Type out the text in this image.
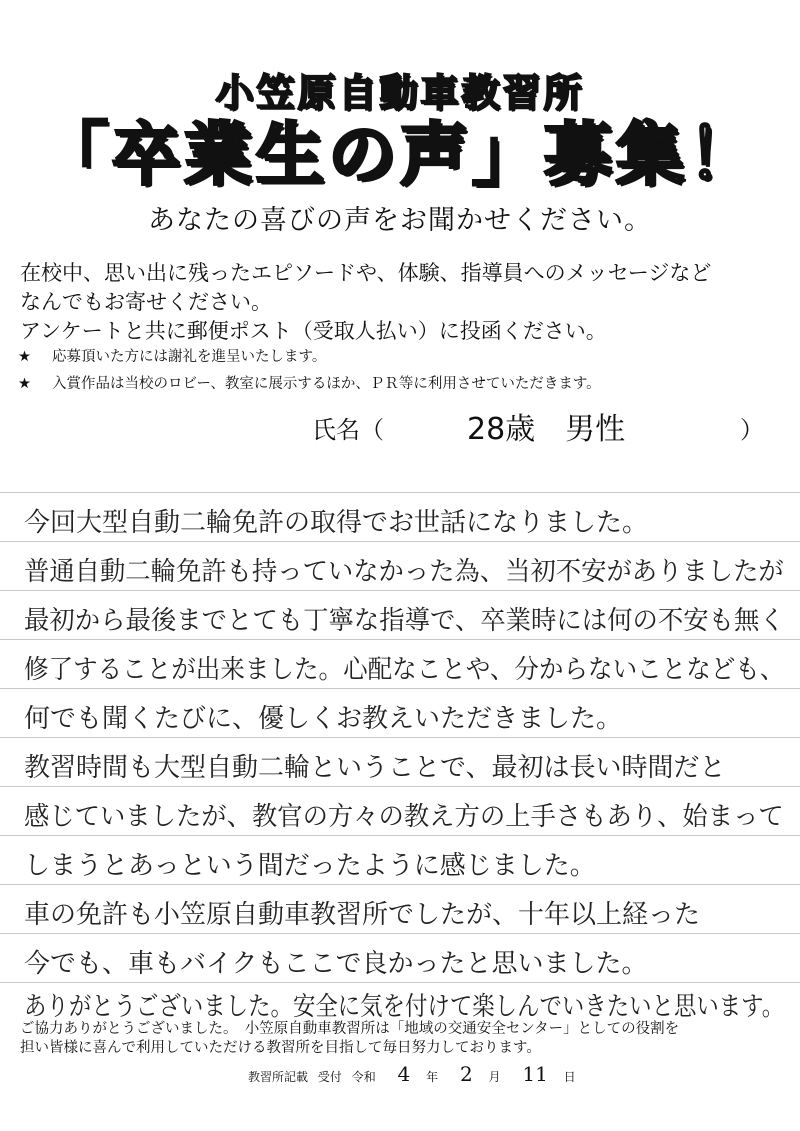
小笠原自動車教習所
「卒業生の声」募集！
あなたの喜びの声をお聞かせください。
在校中、思い出に残ったエピソードや、体験、指導員へのメッセージなど
なんでもお寄せください。
アンケートと共に郵便ポスト（受取人払い）に投函ください。
★ 応募頂いた方には謝礼を進呈いたします。
★ 入賞作品は当校のロビー、教室に展示するほか、ＰＲ等に利用させていただきます。
氏名（	28歳　男性	）
今回大型自動二輪免許の取得でお世話になりました。
普通自動二輪免許も持っていなかった為、当初不安がありましたが
最初から最後までとても丁寧な指導で、卒業時には何の不安も無く
修了することが出来ました。心配なことや、分からないことなども、
何でも聞くたびに、優しくお教えいただきました。
教習時間も大型自動二輪ということで、最初は長い時間だと
感じていましたが、教官の方々の教え方の上手さもあり、始まって
しまうとあっという間だったように感じました。
車の免許も小笠原自動車教習所でしたが、十年以上経った
今でも、車もバイクもここで良かったと思いました。
ありがとうございました。安全に気を付けて楽しんでいきたいと思います。
ご協力ありがとうございました。　小笠原自動車教習所は「地域の交通安全センター」としての役割を
担い皆様に喜んで利用していただける教習所を目指して毎日努力しております。
教習所記載 受付 令和 4 年 2 月 11 日
